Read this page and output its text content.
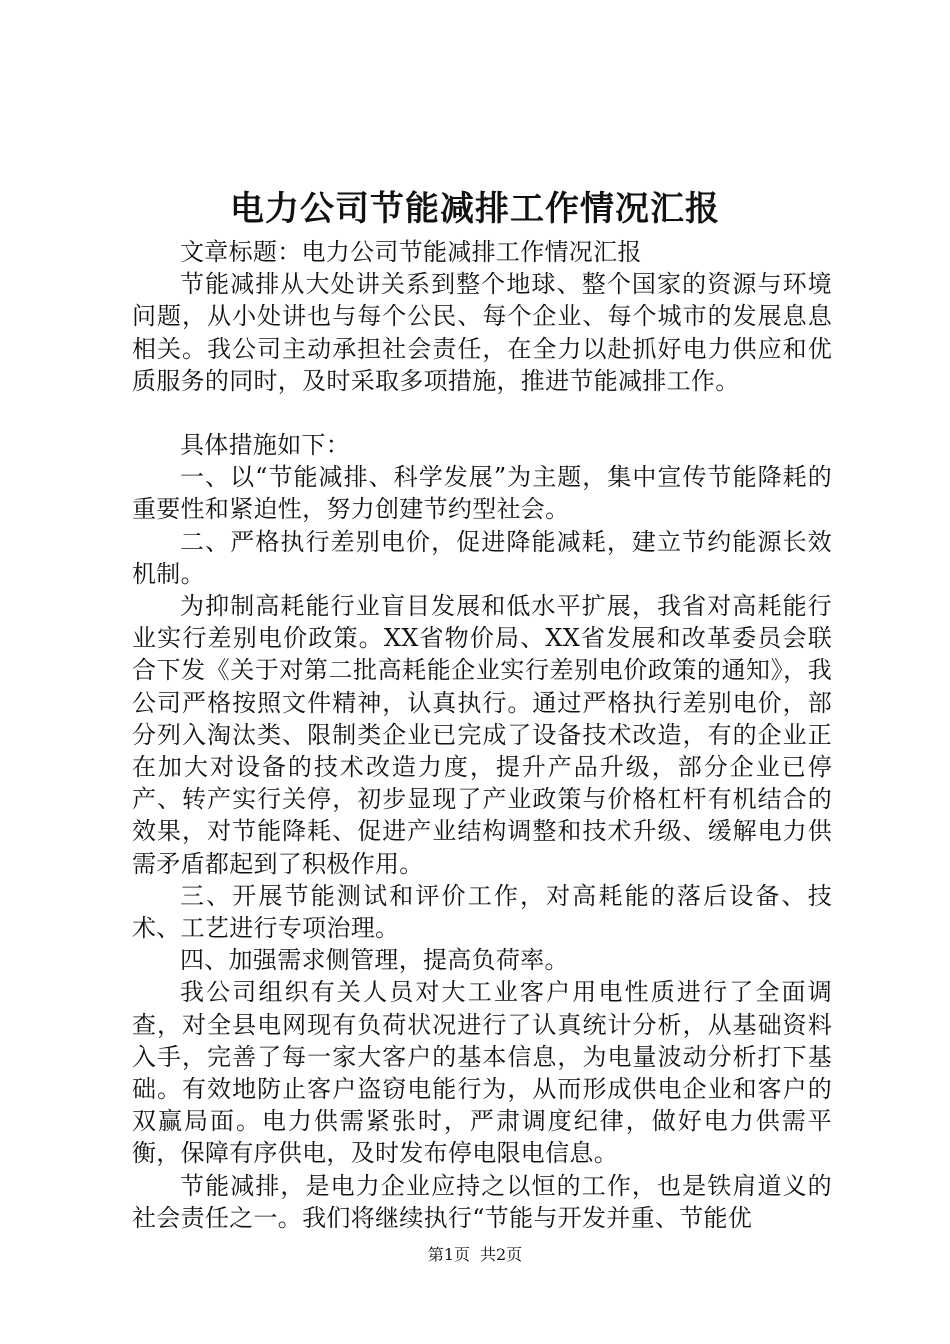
电力公司节能减排工作情况汇报

文章标题：电力公司节能减排工作情况汇报

节能减排从大处讲关系到整个地球、整个国家的资源与环境问题，从小处讲也与每个公民、每个企业、每个城市的发展息息相关。我公司主动承担社会责任，在全力以赴抓好电力供应和优质服务的同时，及时采取多项措施，推进节能减排工作。

具体措施如下：

一、以“节能减排、科学发展”为主题，集中宣传节能降耗的重要性和紧迫性，努力创建节约型社会。

二、严格执行差别电价，促进降能减耗，建立节约能源长效机制。

为抑制高耗能行业盲目发展和低水平扩展，我省对高耗能行业实行差别电价政策。XX省物价局、XX省发展和改革委员会联合下发《关于对第二批高耗能企业实行差别电价政策的通知》，我公司严格按照文件精神，认真执行。通过严格执行差别电价，部分列入淘汰类、限制类企业已完成了设备技术改造，有的企业正在加大对设备的技术改造力度，提升产品升级，部分企业已停产、转产实行关停，初步显现了产业政策与价格杠杆有机结合的效果，对节能降耗、促进产业结构调整和技术升级、缓解电力供需矛盾都起到了积极作用。

三、开展节能测试和评价工作，对高耗能的落后设备、技术、工艺进行专项治理。

四、加强需求侧管理，提高负荷率。

我公司组织有关人员对大工业客户用电性质进行了全面调查，对全县电网现有负荷状况进行了认真统计分析，从基础资料入手，完善了每一家大客户的基本信息，为电量波动分析打下基础。有效地防止客户盗窃电能行为，从而形成供电企业和客户的双赢局面。电力供需紧张时，严肃调度纪律，做好电力供需平衡，保障有序供电，及时发布停电限电信息。

节能减排，是电力企业应持之以恒的工作，也是铁肩道义的社会责任之一。我们将继续执行“节能与开发并重、节能优

第1页 共2页
